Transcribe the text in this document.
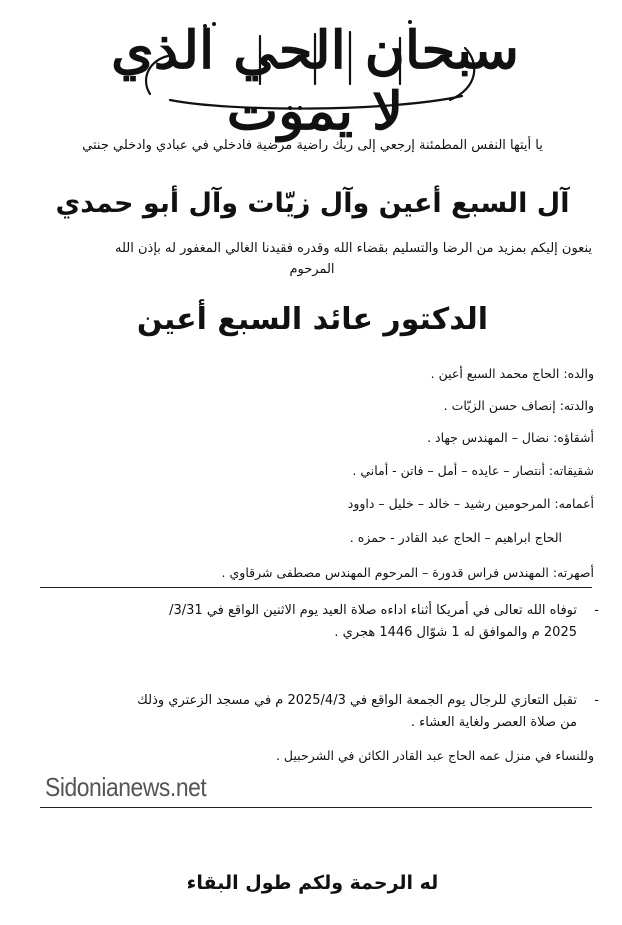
سبحان الحي الذي لا يموت
يا أيتها النفس المطمئنة إرجعي إلى ربك راضية مرضية فادخلي في عبادي وادخلي جنتي
آل السبع أعين وآل زيّات وآل أبو حمدي
ينعون إليكم بمزيد من الرضا والتسليم بقضاء الله وقدره فقيدنا الغالي المغفور له بإذن الله
المرحوم
الدكتور عائد السبع أعين
والده: الحاج محمد السبع أعين .
والدته: إنصاف حسن الزيّات .
أشقاؤه: نضال – المهندس جهاد .
شقيقاته: أنتصار – عايده – أمل – فاتن - أماني .
أعمامه: المرحومين رشيد – خالد – خليل – داوود
الحاج ابراهيم – الحاج عبد القادر - حمزه .
أصهرته: المهندس فراس قدورة – المرحوم المهندس مصطفى شرقاوي .
-
توفاه الله تعالى في أمريكا أثناء اداءه صلاة العيد يوم الاثنين الواقع في 3/31/
2025 م والموافق له 1 شوّال 1446 هجري .
-
تقبل التعازي للرجال يوم الجمعة الواقع في 2025/4/3 م في مسجد الزعتري وذلك
من صلاة العصر ولغاية العشاء .
وللنساء في منزل عمه الحاج عبد القادر الكائن في الشرحبيل .
Sidonianews.net
له الرحمة ولكم طول البقاء
